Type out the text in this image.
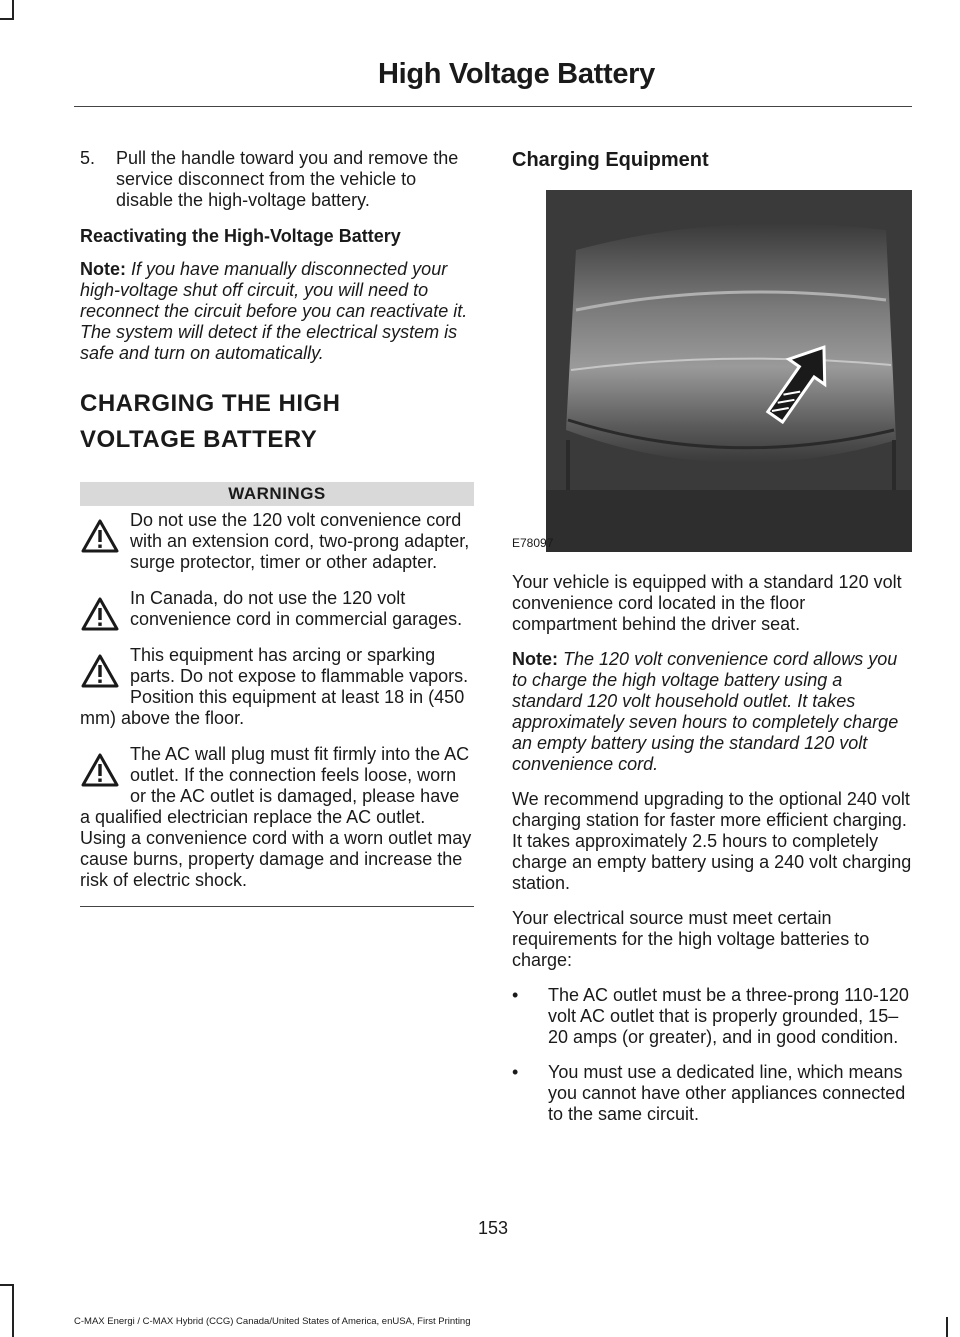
High Voltage Battery
5.	Pull the handle toward you and remove the service disconnect from the vehicle to disable the high-voltage battery.
Reactivating the High-Voltage Battery

Note: If you have manually disconnected your high-voltage shut off circuit, you will need to reconnect the circuit before you can reactivate it. The system will detect if the electrical system is safe and turn on automatically.

CHARGING THE HIGH
VOLTAGE BATTERY
WARNINGS
Do not use the 120 volt convenience cord with an extension cord, two-prong adapter, surge protector, timer or other adapter.
In Canada, do not use the 120 volt convenience cord in commercial garages.
This equipment has arcing or sparking parts. Do not expose to flammable vapors. Position this equipment at least 18 in (450 mm) above the floor.
The AC wall plug must fit firmly into the AC outlet. If the connection feels loose, worn or the AC outlet is damaged, please have a qualified electrician replace the AC outlet. Using a convenience cord with a worn outlet may cause burns, property damage and increase the risk of electric shock.
Charging Equipment
E78097

Your vehicle is equipped with a standard 120 volt convenience cord located in the floor compartment behind the driver seat.

Note: The 120 volt convenience cord allows you to charge the high voltage battery using a standard 120 volt household outlet. It takes approximately seven hours to completely charge an empty battery using the standard 120 volt convenience cord.

We recommend upgrading to the optional 240 volt charging station for faster more efficient charging. It takes approximately 2.5 hours to completely charge an empty battery using a 240 volt charging station.

Your electrical source must meet certain requirements for the high voltage batteries to charge:

•	The AC outlet must be a three-prong 110-120 volt AC outlet that is properly grounded, 15–20 amps (or greater), and in good condition.
•	You must use a dedicated line, which means you cannot have other appliances connected to the same circuit.
153
C-MAX Energi / C-MAX Hybrid (CCG) Canada/United States of America, enUSA, First Printing
